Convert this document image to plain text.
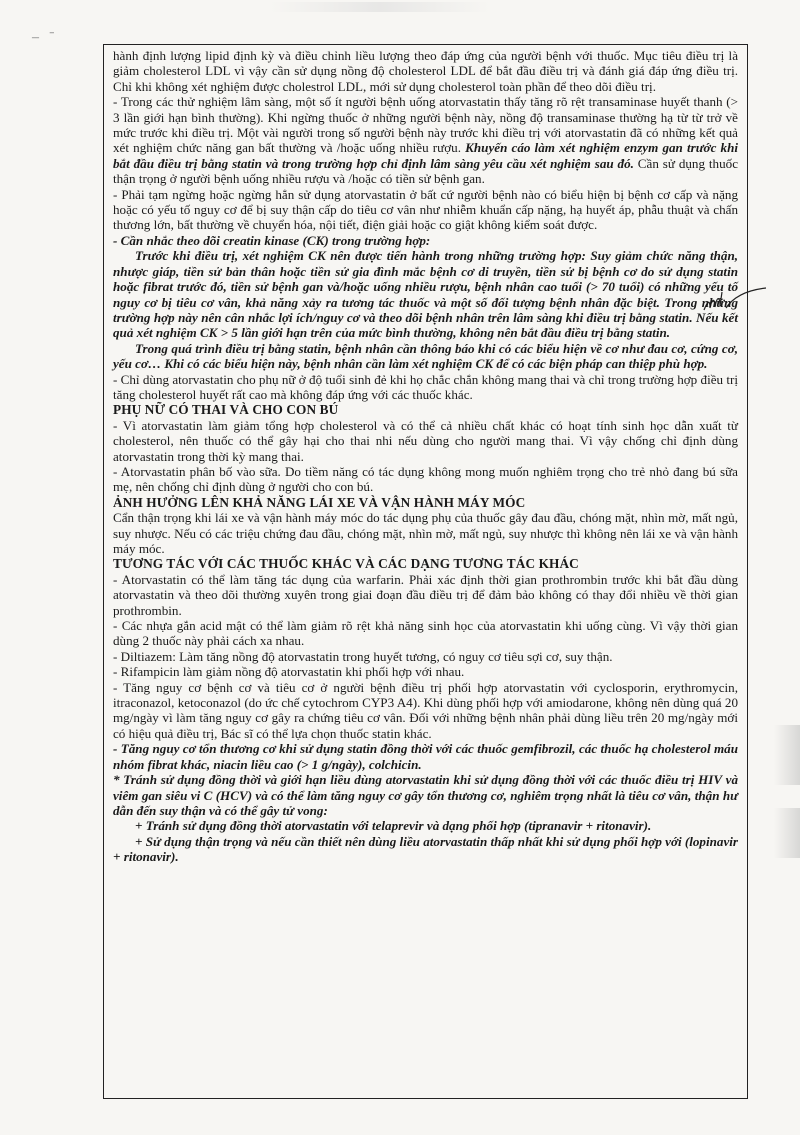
–   ˉ

hành định lượng lipid định kỳ và điều chỉnh liều lượng theo đáp ứng của người bệnh với thuốc. Mục tiêu điều trị là giảm cholesterol LDL vì vậy cần sử dụng nồng độ cholesterol LDL để bắt đầu điều trị và đánh giá đáp ứng điều trị. Chỉ khi không xét nghiệm được cholestrol LDL, mới sử dụng cholesterol toàn phần để theo dõi điều trị.

- Trong các thử nghiệm lâm sàng, một số ít người bệnh uống atorvastatin thấy tăng rõ rệt transaminase huyết thanh (> 3 lần giới hạn bình thường). Khi ngừng thuốc ở những người bệnh này, nồng độ transaminase thường hạ từ từ trở về mức trước khi điều trị. Một vài người trong số người bệnh này trước khi điều trị với atorvastatin đã có những kết quả xét nghiệm chức năng gan bất thường và /hoặc uống nhiều rượu. Khuyến cáo làm xét nghiệm enzym gan trước khi bắt đầu điều trị bằng statin và trong trường hợp chỉ định lâm sàng yêu cầu xét nghiệm sau đó. Cần sử dụng thuốc thận trọng ở người bệnh uống nhiều rượu và /hoặc có tiền sử bệnh gan.

- Phải tạm ngừng hoặc ngừng hẳn sử dụng atorvastatin ở bất cứ người bệnh nào có biểu hiện bị bệnh cơ cấp và nặng hoặc có yếu tố nguy cơ để bị suy thận cấp do tiêu cơ vân như nhiễm khuẩn cấp nặng, hạ huyết áp, phẫu thuật và chấn thương lớn, bất thường về chuyển hóa, nội tiết, điện giải hoặc co giật không kiểm soát được.

- Cần nhắc theo dõi creatin kinase (CK) trong trường hợp:

Trước khi điều trị, xét nghiệm CK nên được tiến hành trong những trường hợp: Suy giảm chức năng thận, nhược giáp, tiền sử bản thân hoặc tiền sử gia đình mắc bệnh cơ di truyền, tiền sử bị bệnh cơ do sử dụng statin hoặc fibrat trước đó, tiền sử bệnh gan và/hoặc uống nhiều rượu, bệnh nhân cao tuổi (> 70 tuổi) có những yếu tố nguy cơ bị tiêu cơ vân, khả năng xảy ra tương tác thuốc và một số đối tượng bệnh nhân đặc biệt. Trong những trường hợp này nên cân nhắc lợi ích/nguy cơ và theo dõi bệnh nhân trên lâm sàng khi điều trị bằng statin. Nếu kết quả xét nghiệm CK > 5 lần giới hạn trên của mức bình thường, không nên bắt đầu điều trị bằng statin.

Trong quá trình điều trị bằng statin, bệnh nhân cần thông báo khi có các biểu hiện về cơ như đau cơ, cứng cơ, yếu cơ… Khi có các biểu hiện này, bệnh nhân cần làm xét nghiệm CK để có các biện pháp can thiệp phù hợp.

- Chỉ dùng atorvastatin cho phụ nữ ở độ tuổi sinh đẻ khi họ chắc chắn không mang thai và chỉ trong trường hợp điều trị tăng cholesterol huyết rất cao mà không đáp ứng với các thuốc khác.

PHỤ NỮ CÓ THAI VÀ CHO CON BÚ

- Vì atorvastatin làm giảm tổng hợp cholesterol và có thể cả nhiều chất khác có hoạt tính sinh học dẫn xuất từ cholesterol, nên thuốc có thể gây hại cho thai nhi nếu dùng cho người mang thai. Vì vậy chống chỉ định dùng atorvastatin trong thời kỳ mang thai.

- Atorvastatin phân bố vào sữa. Do tiềm năng có tác dụng không mong muốn nghiêm trọng cho trẻ nhỏ đang bú sữa mẹ, nên chống chỉ định dùng ở người cho con bú.

ẢNH HƯỞNG LÊN KHẢ NĂNG LÁI XE VÀ VẬN HÀNH MÁY MÓC

Cẩn thận trọng khi lái xe và vận hành máy móc do tác dụng phụ của thuốc gây đau đầu, chóng mặt, nhìn mờ, mất ngủ, suy nhược. Nếu có các triệu chứng đau đầu, chóng mặt, nhìn mờ, mất ngủ, suy nhược thì không nên lái xe và vận hành máy móc.

TƯƠNG TÁC VỚI CÁC THUỐC KHÁC VÀ CÁC DẠNG TƯƠNG TÁC KHÁC

- Atorvastatin có thể làm tăng tác dụng của warfarin. Phải xác định thời gian prothrombin trước khi bắt đầu dùng atorvastatin và theo dõi thường xuyên trong giai đoạn đầu điều trị để đảm bảo không có thay đổi nhiều về thời gian prothrombin.

- Các nhựa gắn acid mật có thể làm giảm rõ rệt khả năng sinh học của atorvastatin khi uống cùng. Vì vậy thời gian dùng 2 thuốc này phải cách xa nhau.

- Diltiazem: Làm tăng nồng độ atorvastatin trong huyết tương, có nguy cơ tiêu sợi cơ, suy thận.

- Rifampicin làm giảm nồng độ atorvastatin khi phối hợp với nhau.

- Tăng nguy cơ bệnh cơ và tiêu cơ ở người bệnh điều trị phối hợp atorvastatin với cyclosporin, erythromycin, itraconazol, ketoconazol (do ức chế cytochrom CYP3 A4). Khi dùng phối hợp với amiodarone, không nên dùng quá 20 mg/ngày vì làm tăng nguy cơ gây ra chứng tiêu cơ vân. Đối với những bệnh nhân phải dùng liều trên 20 mg/ngày mới có hiệu quả điều trị, Bác sĩ có thể lựa chọn thuốc statin khác.

- Tăng nguy cơ tổn thương cơ khi sử dụng statin đồng thời với các thuốc gemfibrozil, các thuốc hạ cholesterol máu nhóm fibrat khác, niacin liều cao (> 1 g/ngày), colchicin.

* Tránh sử dụng đồng thời và giới hạn liều dùng atorvastatin khi sử dụng đồng thời với các thuốc điều trị HIV và viêm gan siêu vi C (HCV) và có thể làm tăng nguy cơ gây tổn thương cơ, nghiêm trọng nhất là tiêu cơ vân, thận hư dẫn đến suy thận và có thể gây tử vong:

+ Tránh sử dụng đồng thời atorvastatin với telaprevir và dạng phối hợp (tipranavir + ritonavir).

+ Sử dụng thận trọng và nếu cần thiết nên dùng liều atorvastatin thấp nhất khi sử dụng phối hợp với (lopinavir + ritonavir).
